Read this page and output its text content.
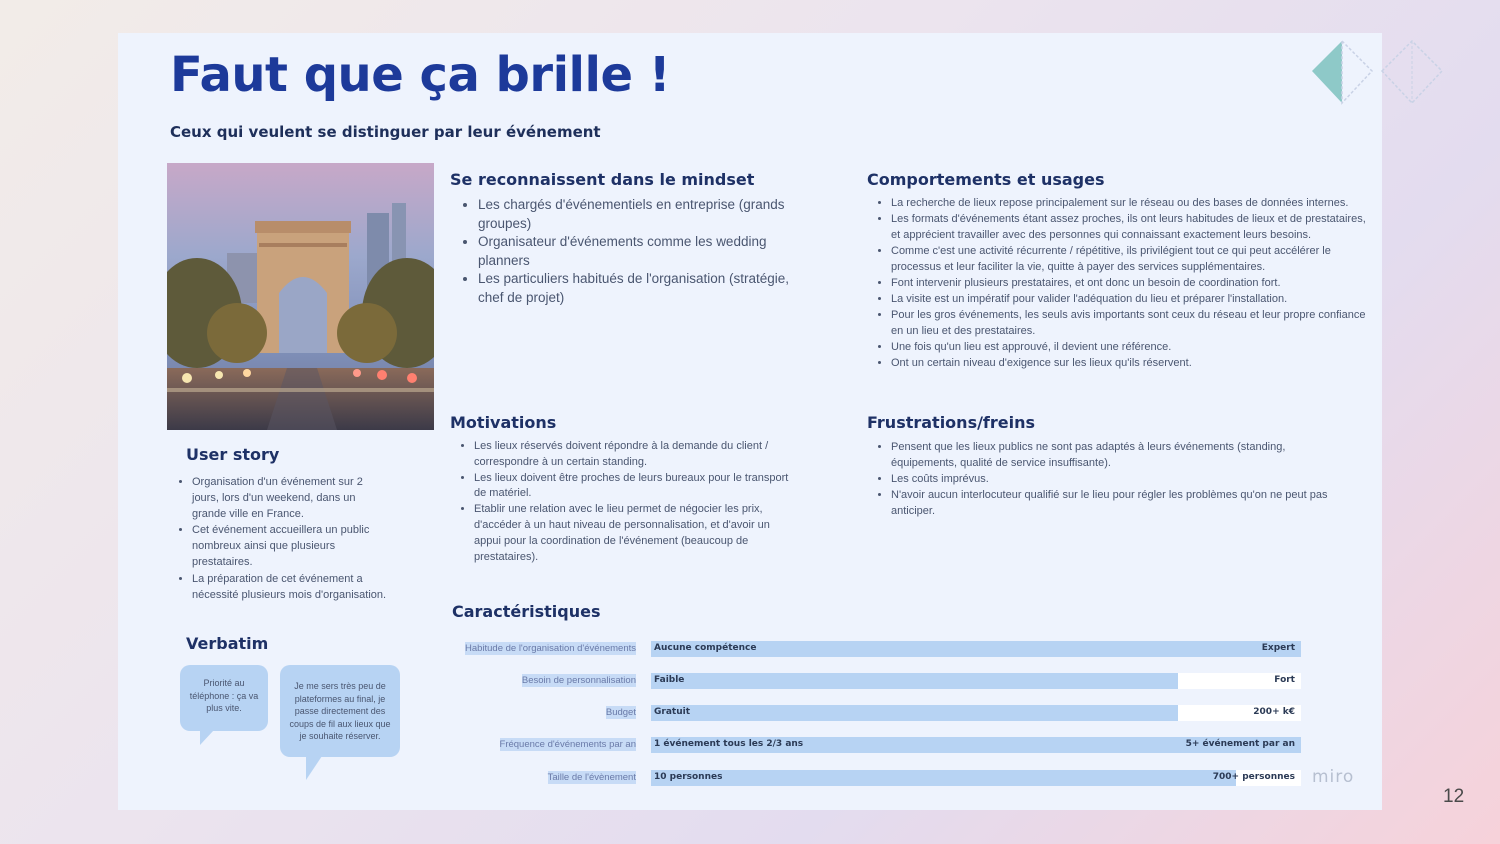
Faut que ça brille !
Ceux qui veulent se distinguer par leur événement
User story
• Organisation d'un événement sur 2 jours, lors d'un weekend, dans un grande ville en France.
• Cet événement accueillera un public nombreux ainsi que plusieurs prestataires.
• La préparation de cet événement a nécessité plusieurs mois d'organisation.
Verbatim
Priorité au téléphone : ça va plus vite.
Je me sers très peu de plateformes au final, je passe directement des coups de fil aux lieux que je souhaite réserver.
Se reconnaissent dans le mindset
• Les chargés d'événementiels en entreprise (grands groupes)
• Organisateur d'événements comme les wedding planners
• Les particuliers habitués de l'organisation (stratégie, chef de projet)
Motivations
• Les lieux réservés doivent répondre à la demande du client / correspondre à un certain standing.
• Les lieux doivent être proches de leurs bureaux pour le transport de matériel.
• Etablir une relation avec le lieu permet de négocier les prix, d'accéder à un haut niveau de personnalisation, et d'avoir un appui pour la coordination de l'événement (beaucoup de prestataires).
Comportements et usages
• La recherche de lieux repose principalement sur le réseau ou des bases de données internes.
• Les formats d'événements étant assez proches, ils ont leurs habitudes de lieux et de prestataires, et apprécient travailler avec des personnes qui connaissant exactement leurs besoins.
• Comme c'est une activité récurrente / répétitive, ils privilégient tout ce qui peut accélérer le processus et leur faciliter la vie, quitte à payer des services supplémentaires.
• Font intervenir plusieurs prestataires, et ont donc un besoin de coordination fort.
• La visite est un impératif pour valider l'adéquation du lieu et préparer l'installation.
• Pour les gros événements, les seuls avis importants sont ceux du réseau et leur propre confiance en un lieu et des prestataires.
• Une fois qu'un lieu est approuvé, il devient une référence.
• Ont un certain niveau d'exigence sur les lieux qu'ils réservent.
Frustrations/freins
• Pensent que les lieux publics ne sont pas adaptés à leurs événements (standing, équipements, qualité de service insuffisante).
• Les coûts imprévus.
• N'avoir aucun interlocuteur qualifié sur le lieu pour régler les problèmes qu'on ne peut pas anticiper.
Caractéristiques
Habitude de l'organisation d'événements Aucune compétence	Expert
Besoin de personnalisation Faible	Fort
Budget Gratuit	200+ k€
Fréquence d'événements par an 1 événement tous les 2/3 ans	5+ événement par an
Taille de l'évènement 10 personnes	700+ personnes miro
12
